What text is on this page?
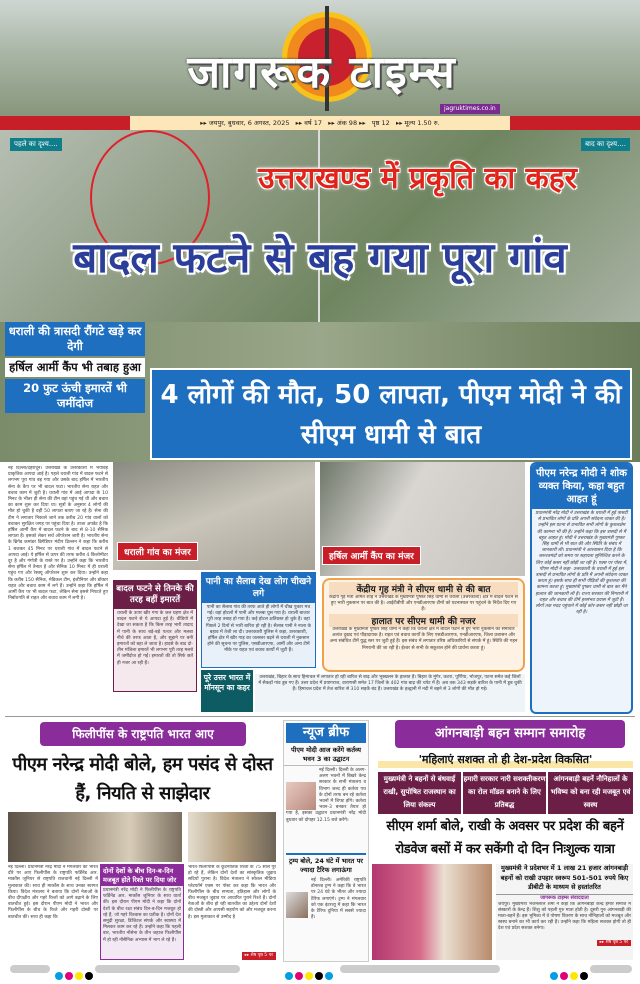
जागरूक टाइम्स
jagruktimes.co.in
▸▸ जयपुर, बुधवार, 6 अगस्त, 2025 ▸▸ वर्ष 17 ▸▸ अंक 98 ▸▸ पृष्ठ 12 ▸▸ मूल्य 1.50 रु.
पहले का दृश्य....	बाद का दृश्य....
उत्तराखण्ड में प्रकृति का कहर
बादल फटने से बह गया पूरा गांव
धराली की त्रासदी रौंगटे खड़े कर देगी
हर्षिल आर्मी कैंप भी तबाह हुआ
20 फुट ऊंची इमारतें भी जमींदोज	4 लोगों की मौत, 50 लापता, पीएम मोदी ने की सीएम धामी से बात
नई दिल्ली/देहरादून। उत्तराखंड के उत्तरकाशी में भयावह प्राकृतिक आपदा आई है। पहले धराली गांव में बादल फटने से लगभग पूरा गांव बह गया और उसके बाद हर्षिल में भारतीय सेना के कैंप पर भी बादल फटा। भारतीय सेना राहत और बचाव काम में जुटी है। धराली गांव में आई आपदा के 10 मिनट के भीतर ही सेना की टीम वहां पहुंच गई थी और बचाव का काम शुरू कर दिया था। सूत्रों के अनुसार 4 लोगों की मौत हो चुकी है वहीं 50 लापता बताए जा रहे हैं। सेना की टीम ने लगातार निकाले जाने तक करीब 20 गांव वालों को बचाकर सुरक्षित जगह पर पहुंचा दिया है। ताजा अपडेट है कि हर्षिल आर्मी कैंप में बादल फटने के बाद से 8-10 सैनिक लापता हैं। इसको लेकर सर्च ऑपरेशन जारी है। भारतीय सेना के ब्रिगेड कमांडर ब्रिगेडियर मंदीप ढिल्लन ने कहा कि करीब 1 बजकर 45 मिनट पर धराली गांव में बादल फटने से आपदा आई। ये हर्षिल से ऊपर की तरफ करीब 4 किलोमीटर दूर है और गंगोत्री के रास्ते पर है। उन्होंने कहा कि भारतीय सेना हर्षिल में तैनात है और सैनिक 10 मिनट में ही धराली पहुंच गए और रेस्क्यू ऑपरेशन शुरू कर दिया। उन्होंने कहा कि करीब 150 सैनिक, मेडिकल टीम, इंजीनियर और डॉक्टर राहत और बचाव काम में लगे हैं। उन्होंने कहा कि हर्षिल में आर्मी कैंप पर भी बादल फटा, लेकिन सेना इससे निपटते हुए निर्बाधगति से राहत और बचाव काम में लगी है।
धराली गांव का मंजर	हर्षिल आर्मी कैंप का मंजर
बादल फटने से तिनके की तरह बहीं इमारतें
धराली के ऊपर खीर गंगा के जल ग्रहण क्षेत्र में बादल फटने से ये आपदा हुई है। वीडियो में देखा जा सकता है कि किस तरह भारी तादाद में पानी के साथ बड़े-बड़े पत्थर और मलबा नीचे की तरफ आता है, और सुहाने पर बनी इमारतों को बहा ले जाता है। हादसे के बाद दो-तीन मंजिला इमारतें भी लगभग पूरी तरह मलबे में जमींदोज हो गईं। इमारतों की तो सिर्फ छतें ही नजर आ रही हैं।
पानी का सैलाब देख लोग चीखने लगे
पानी का सैलाब गांव की तरफ आते ही लोगों में चीख पुकार मच गई। वहां होटलों में पानी और मलबा घुस गया है। धराली बाजार पूरी तरह तबाह हो गया है। कई होटल क्षतिग्रस्त हो चुके हैं। वहां पिछले 2 दिनों से भारी बारिश हो रही है। सैलाब पानी ने नाला के बहाव में तेजी ला दी। उत्तरकाशी पुलिस ने कहा, उत्तरकाशी, हर्षिल क्षेत्र में खीर गाड़ का जलस्तर बढ़ने से धराली में नुकसान होने की सूचना पर पुलिस, एसडीआरएफ, आर्मी और अन्य टीमें मौके पर राहत एवं बचाव कार्यों में जुटी हैं।
केंद्रीय गृह मंत्री ने सीएम धामी से की बात
केंद्रीय गृह मंत्री अमित शाह ने उत्तराखंड के मुख्यमंत्री पुष्कर सिंह धामी से धराली (उत्तरकाशी) क्षेत्र में बादल फटने से हुए भारी नुकसान पर बात की है। आईटीबीपी और एनडीआरएफ टीमों को घटनास्थल पर पहुंचने के निर्देश दिए गए हैं।
हालात पर सीएम धामी की नजर
उत्तराखंड के मुख्यमंत्री पुष्कर सिंह धामी ने कहा कि धराली क्षेत्र में बादल फटने से हुए भारी नुकसान का समाचार अत्यंत दुखद एवं पीड़ादायक है। राहत एवं बचाव कार्यों के लिए एसडीआरएफ, एनडीआरएफ, जिला प्रशासन और अन्य संबंधित टीमें युद्ध स्तर पर जुटी हुई हैं। इस संबंध में लगातार वरिष्ठ अधिकारियों से संपर्क में हूं। स्थिति की गहन निगरानी की जा रही है। ईश्वर से सभी के सकुशल होने की प्रार्थना करता हूं।
पूरे उत्तर भारत में मॉनसून का कहर
उत्तराखंड, बिहार के साथ हिमाचल में लगातार हो रही बारिश से बाढ़ और भूस्खलन के हालात हैं। बिहार के मुंगेर, कटरा, पूर्णिया, भोजपुर, पटना समेत कई जिलों में सैकड़ों गांव डूब गए हैं। उत्तर प्रदेश में प्रयागराज, वाराणसी समेत 17 जिलों के 402 गांव बाढ़ की चपेट में हैं। अब तक 343 सड़कें बारिश के पानी में डूब चुकी हैं। हिमाचल प्रदेश में तेज बारिश से 310 सड़कें बंद हैं। उत्तराखंड के हल्द्वानी में नदी में बहने से 3 लोगों की मौत हो गई।
पीएम नरेन्द्र मोदी ने शोक व्यक्त किया, कहा बहुत आहत हूं
प्रधानमंत्री नरेंद्र मोदी ने उत्तराखंड के धराली में हुई त्रासदी से प्रभावित लोगों के प्रति अपनी संवेदना व्यक्त की है। उन्होंने इस घटना से प्रभावित सभी लोगों के कुशलक्षेम की कामना भी की है। उन्होंने कहा कि इस त्रासदी से मैं बहुत आहत हूं। मोदी ने उत्तराखंड के मुख्यमंत्री पुष्कर सिंह धामी से भी बात की और स्थिति के संबंध में जानकारी ली। प्रधानमंत्री ने आश्वासन दिया है कि जरूरतमंदों को समय पर सहायता सुनिश्चित करने के लिए कोई कसर नहीं छोड़ी जा रही है। एक्स पर पोस्ट में, पीएम मोदी ने कहा- उत्तरकाशी के धराली में हुई इस त्रासदी से प्रभावित लोगों के प्रति मैं अपनी संवेदना व्यक्त करता हूं। इसके साथ ही सभी पीड़ितों की कुशलता की कामना करता हूं। मुख्यमंत्री पुष्कर धामी से बात कर मैंने हालात की जानकारी ली है। राज्य सरकार की निगरानी में राहत और बचाव की टीमें हरसंभव प्रयास में जुटी हैं। लोगों तक मदद पहुंचाने में कोई कोर-कसर नहीं छोड़ी जा रही है।
फिलीपींस के राष्ट्रपति भारत आए
पीएम नरेन्द्र मोदी बोले, हम पसंद से दोस्त हैं, नियति से साझेदार
नई दिल्ली। प्रधानमंत्री नरेंद्र मोदी ने मंगलवार को भारत दौरे पर आए फिलीपींस के राष्ट्रपति फर्डिनेंड आर. मार्कोस जूनियर से राष्ट्रपति राजधानी नई दिल्ली में मुलाकात की। साथ ही मार्कोस के साथ उनका स्वागत किया। विदेश मंत्रालय ने बताया कि दोनों नेताओं के बीच दीपक्षीय और गहरे रिश्तों को आगे बढ़ाने के लिए बातचीत हुई। इस दौरान पीएम मोदी ने भारत और फिलीपींस के बीच के रिश्ते और गहरी दोस्ती पर बातचीत की। साथ ही कहा कि
दोनों देशों के बीच दिन-ब-दिन मजबूत होते रिश्ते पर दिया जोर
प्रधानमंत्री नरेंद्र मोदी ने फिलीपींस के राष्ट्रपति फर्डिनेंड आर. मार्कोस जूनियर के साथ वार्ता की। इस दौरान पीएम मोदी ने कहा कि दोनों देशों के बीच रक्षा संबंध दिन-ब-दिन मजबूत हो रहे हैं, जो गहरे विश्वास का प्रतीक है। दोनों देश समुद्री सुरक्षा, डिजिटल संपर्क और स्वास्थ्य में मिलकर काम कर रहे हैं। उन्होंने कहा कि पहली बार, भारतीय नौसेना के तीन जहाज फिलीपींस में हो रही नौसैनिक अभ्यास में भाग ले रहे हैं।
भारत-फिलीपींस के कूटनीतिक रिश्तों के 75 साल पूरे हो रहे हैं, लेकिन दोनों देशों का सांस्कृतिक जुड़ाव सदियों पुराना है। विदेश मंत्रालय ने सोशल मीडिया प्लेटफॉर्म एक्स पर पोस्ट कर कहा कि भारत और फिलीपींस के बीच सभ्यता, इतिहास और लोगों के बीच मजबूत जुड़ाव पर आधारित पुराने रिश्ते हैं। दोनों नेताओं के बीच हो रही बातचीत का उद्देश्य दोनों देशों की दोस्ती और आपसी सहयोग को और मजबूत करना है। इस मुलाकात से उम्मीद है
▸▸ शेष पृष्ठ 5 पर
न्यूज ब्रीफ
पीएम मोदी आज करेंगे कर्तव्य भवन 3 का उद्घाटन
नई दिल्ली। दिल्ली के अलग-अलग भवनों में बिखरे केन्द्र सरकार के सभी मंत्रालय व विभाग जल्द ही कर्तव्य पथ के दोनों तरफ बन रहे कर्तव्य भवनों में शिफ्ट होंगे। कर्तव्य भवन-3 बनकर तैयार हो गया है, इसका उद्घाटन प्रधानमंत्री नरेंद्र मोदी बुधवार को दोपहर 12.15 बजे करेंगे।
ट्रम्प बोले, 24 घंटे में भारत पर ज्यादा टैरिफ लगाऊंगा
नई दिल्ली। अमेरिकी राष्ट्रपति डोनाल्ड ट्रम्प ने कहा कि वे भारत पर 24 घंटे के भीतर और ज्यादा टैरिफ लगाएंगे। ट्रम्प ने मंगलवार को एक इंटरव्यू में कहा कि भारत के टैरिफ दुनिया में सबसे ज्यादा हैं।
आंगनबाड़ी बहन सम्मान समारोह
'महिलाएं सशक्त तो ही देश-प्रदेश विकसित'
मुख्यमंत्री ने बहनों से बंधवाई राखी, सुपोषित राजस्थान का लिया संकल्प
हमारी सरकार नारी सशक्तीकरण का रोल मॉडल बनाने के लिए प्रतिबद्ध
आंगनबाड़ी बहनें नौनिहालों के भविष्य को बना रही मजबूत एवं स्वस्थ
सीएम शर्मा बोले, राखी के अवसर पर प्रदेश की बहनें रोडवेज बसों में कर सकेंगी दो दिन निःशुल्क यात्रा
मुख्यमंत्री ने प्रदेशभर में 1 लाख 21 हजार आंगनबाड़ी बहनों को राखी उपहार स्वरूप 501-501 रुपये किए डीबीटी के माध्यम से हस्तांतरित
जागरूक टाइम्स संवाददाता
जयपुर। मुख्यमंत्री भजनलाल शर्मा ने कहा कि आंगनबाड़ी केन्द्र हमारे समाज में संस्कारों के केन्द्र हैं। शिशु को पहली गुरु माता होती है। दूसरी गुरु आंगनबाड़ी की माता-बहनें हैं। इस भूमिका में वे पोषण वितरण के साथ नौनिहालों को मजबूत और स्वस्थ बनाने का भी कार्य कर रही हैं। उन्होंने कहा कि महिला सशक्त होगी तो ही देश एवं प्रदेश सशक्त बनेगा।
▸▸ शेष पृष्ठ 5 पर
